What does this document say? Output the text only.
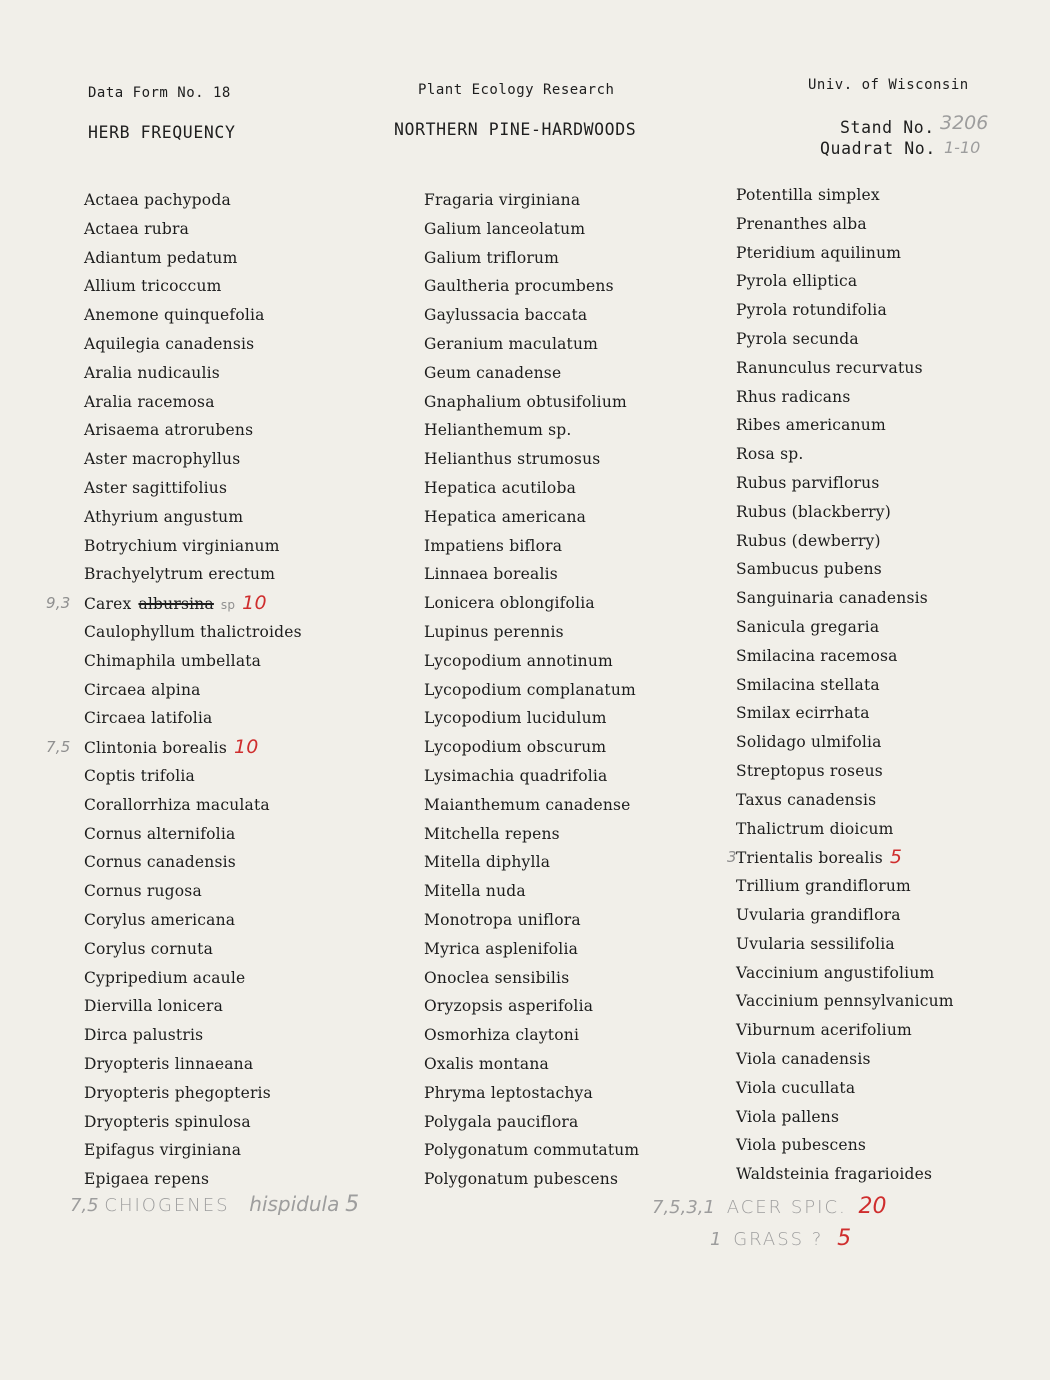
Data Form No. 18	Plant Ecology Research	Univ. of Wisconsin
HERB FREQUENCY	NORTHERN PINE-HARDWOODS	Stand No. 3206
Quadrat No. 1-10
Actaea pachypoda
Actaea rubra
Adiantum pedatum
Allium tricoccum
Anemone quinquefolia
Aquilegia canadensis
Aralia nudicaulis
Aralia racemosa
Arisaema atrorubens
Aster macrophyllus
Aster sagittifolius
Athyrium angustum
Botrychium virginianum
Brachyelytrum erectum
9,3 Carex albursina sp 10
Caulophyllum thalictroides
Chimaphila umbellata
Circaea alpina
Circaea latifolia
7,5 Clintonia borealis 10
Coptis trifolia
Corallorrhiza maculata
Cornus alternifolia
Cornus canadensis
Cornus rugosa
Corylus americana
Corylus cornuta
Cypripedium acaule
Diervilla lonicera
Dirca palustris
Dryopteris linnaeana
Dryopteris phegopteris
Dryopteris spinulosa
Epifagus virginiana
Epigaea repens
Fragaria virginiana
Galium lanceolatum
Galium triflorum
Gaultheria procumbens
Gaylussacia baccata
Geranium maculatum
Geum canadense
Gnaphalium obtusifolium
Helianthemum sp.
Helianthus strumosus
Hepatica acutiloba
Hepatica americana
Impatiens biflora
Linnaea borealis
Lonicera oblongifolia
Lupinus perennis
Lycopodium annotinum
Lycopodium complanatum
Lycopodium lucidulum
Lycopodium obscurum
Lysimachia quadrifolia
Maianthemum canadense
Mitchella repens
Mitella diphylla
Mitella nuda
Monotropa uniflora
Myrica asplenifolia
Onoclea sensibilis
Oryzopsis asperifolia
Osmorhiza claytoni
Oxalis montana
Phryma leptostachya
Polygala pauciflora
Polygonatum commutatum
Polygonatum pubescens
Potentilla simplex
Prenanthes alba
Pteridium aquilinum
Pyrola elliptica
Pyrola rotundifolia
Pyrola secunda
Ranunculus recurvatus
Rhus radicans
Ribes americanum
Rosa sp.
Rubus parviflorus
Rubus (blackberry)
Rubus (dewberry)
Sambucus pubens
Sanguinaria canadensis
Sanicula gregaria
Smilacina racemosa
Smilacina stellata
Smilax ecirrhata
Solidago ulmifolia
Streptopus roseus
Taxus canadensis
Thalictrum dioicum
3 Trientalis borealis 5
Trillium grandiflorum
Uvularia grandiflora
Uvularia sessilifolia
Vaccinium angustifolium
Vaccinium pennsylvanicum
Viburnum acerifolium
Viola canadensis
Viola cucullata
Viola pallens
Viola pubescens
Waldsteinia fragarioides
7,5 CHIOGENES hispidula 5	7,5,3,1 ACER SPIC. 20
1 GRASS ? 5
